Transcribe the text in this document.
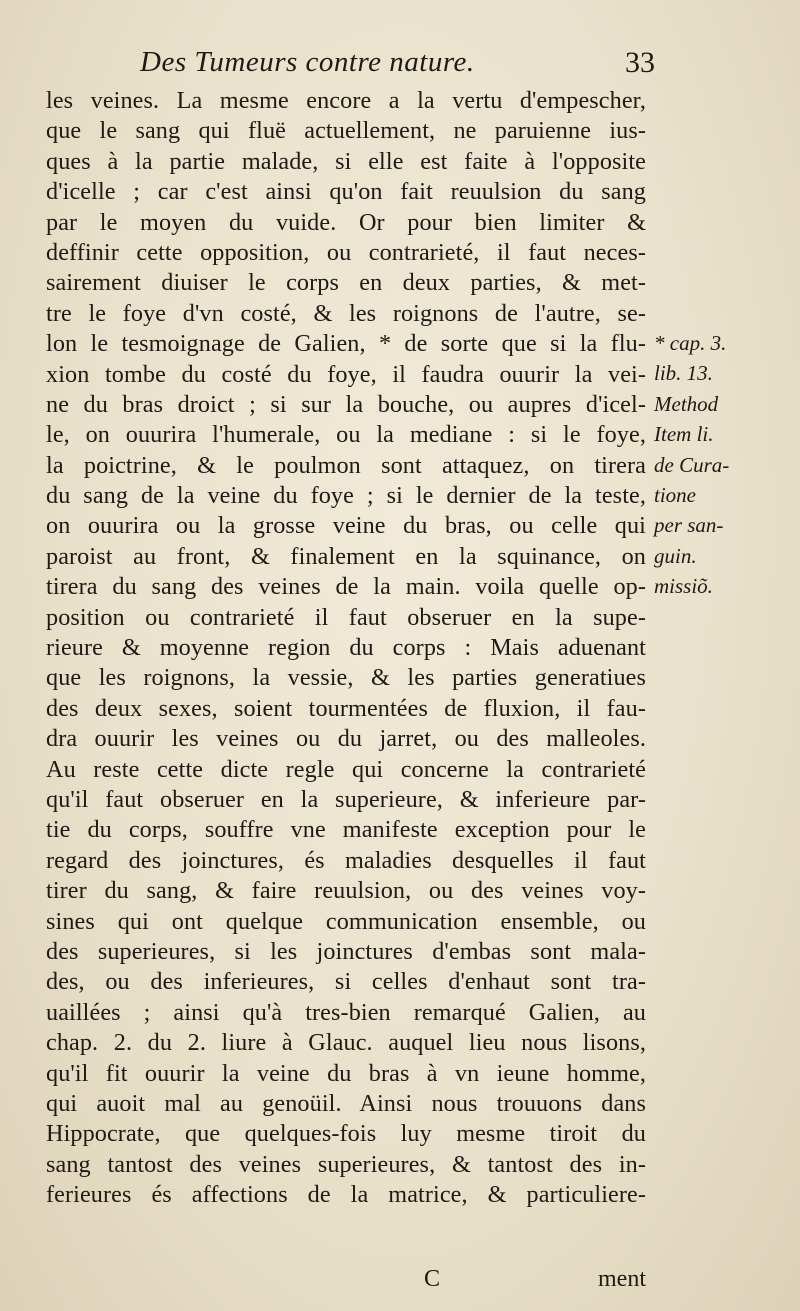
Des Tumeurs contre nature.	33
les veines. La mesme encore a la vertu d'empescher,
que le sang qui fluë actuellement, ne paruienne ius-
ques à la partie malade, si elle est faite à l'opposite
d'icelle ; car c'est ainsi qu'on fait reuulsion du sang
par le moyen du vuide. Or pour bien limiter &
deffinir cette opposition, ou contrarieté, il faut neces-
sairement diuiser le corps en deux parties, & met-
tre le foye d'vn costé, & les roignons de l'autre, se-
lon le tesmoignage de Galien, * de sorte que si la flu-
xion tombe du costé du foye, il faudra ouurir la vei-
ne du bras droict ; si sur la bouche, ou aupres d'icel-
le, on ouurira l'humerale, ou la mediane : si le foye,
la poictrine, & le poulmon sont attaquez, on tirera
du sang de la veine du foye ; si le dernier de la teste,
on ouurira ou la grosse veine du bras, ou celle qui
paroist au front, & finalement en la squinance, on
tirera du sang des veines de la main. voila quelle op-
position ou contrarieté il faut obseruer en la supe-
rieure & moyenne region du corps : Mais aduenant
que les roignons, la vessie, & les parties generatiues
des deux sexes, soient tourmentées de fluxion, il fau-
dra ouurir les veines ou du jarret, ou des malleoles.
Au reste cette dicte regle qui concerne la contrarieté
qu'il faut obseruer en la superieure, & inferieure par-
tie du corps, souffre vne manifeste exception pour le
regard des joinctures, és maladies desquelles il faut
tirer du sang, & faire reuulsion, ou des veines voy-
sines qui ont quelque communication ensemble, ou
des superieures, si les joinctures d'embas sont mala-
des, ou des inferieures, si celles d'enhaut sont tra-
uaillées ; ainsi qu'à tres-bien remarqué Galien, au
chap. 2. du 2. liure à Glauc. auquel lieu nous lisons,
qu'il fit ouurir la veine du bras à vn ieune homme,
qui auoit mal au genoüil. Ainsi nous trouuons dans
Hippocrate, que quelques-fois luy mesme tiroit du
sang tantost des veines superieures, & tantost des in-
ferieures és affections de la matrice, & particuliere-
* cap. 3.
lib. 13.
Method
Item li.
de Cura-
tione
per san-
guin.
missiõ.
C	ment
